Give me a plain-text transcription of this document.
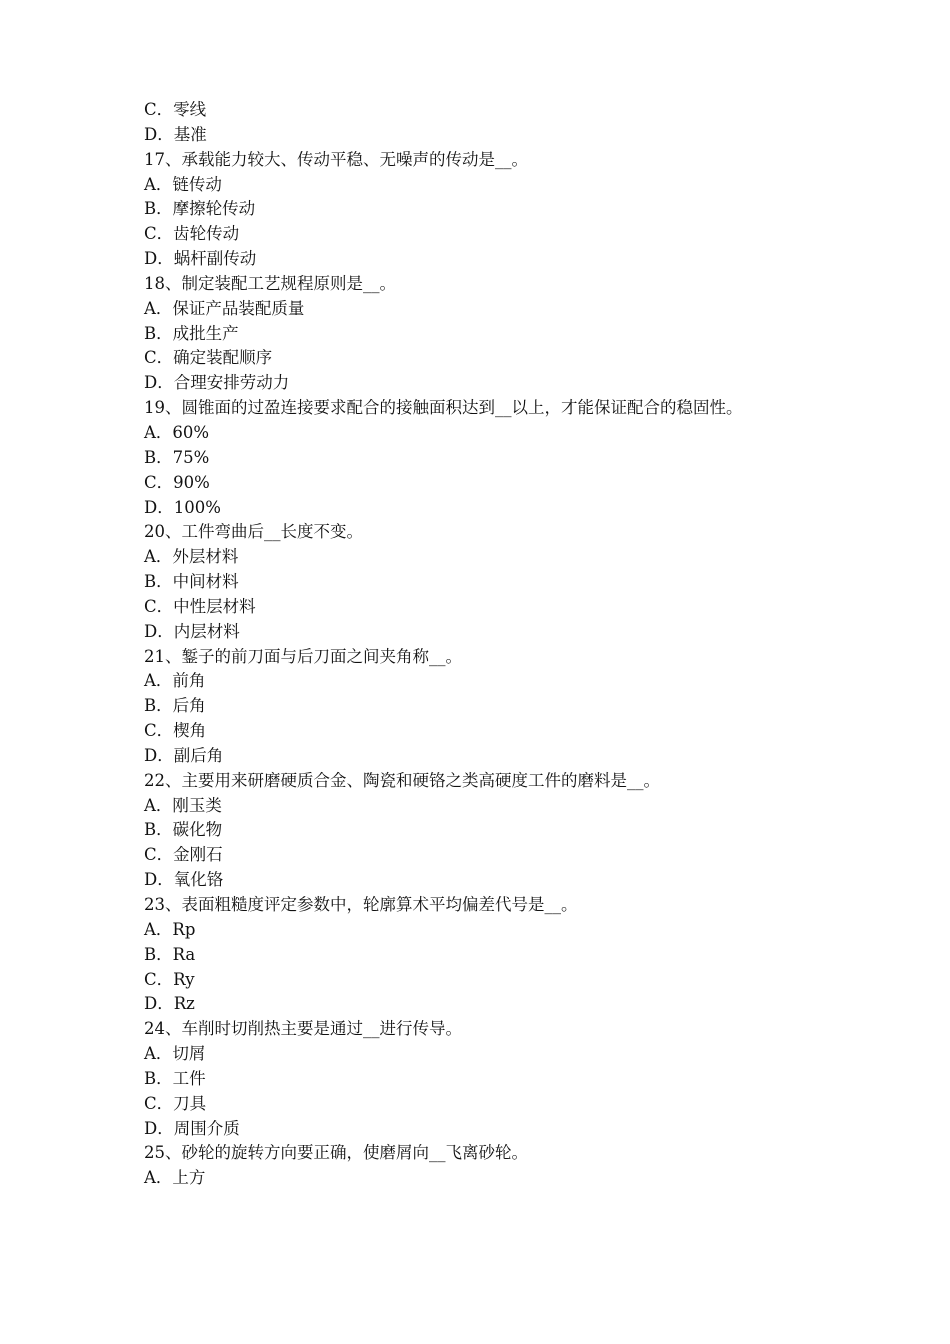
C．零线
D．基准
17、承载能力较大、传动平稳、无噪声的传动是__。
A．链传动
B．摩擦轮传动
C．齿轮传动
D．蜗杆副传动
18、制定装配工艺规程原则是__。
A．保证产品装配质量
B．成批生产
C．确定装配顺序
D．合理安排劳动力
19、圆锥面的过盈连接要求配合的接触面积达到__以上，才能保证配合的稳固性。
A．60%
B．75%
C．90%
D．100%
20、工件弯曲后__长度不变。
A．外层材料
B．中间材料
C．中性层材料
D．内层材料
21、錾子的前刀面与后刀面之间夹角称__。
A．前角
B．后角
C．楔角
D．副后角
22、主要用来研磨硬质合金、陶瓷和硬铬之类高硬度工件的磨料是__。
A．刚玉类
B．碳化物
C．金刚石
D．氧化铬
23、表面粗糙度评定参数中，轮廓算术平均偏差代号是__。
A．Rp
B．Ra
C．Ry
D．Rz
24、车削时切削热主要是通过__进行传导。
A．切屑
B．工件
C．刀具
D．周围介质
25、砂轮的旋转方向要正确，使磨屑向__飞离砂轮。
A．上方
